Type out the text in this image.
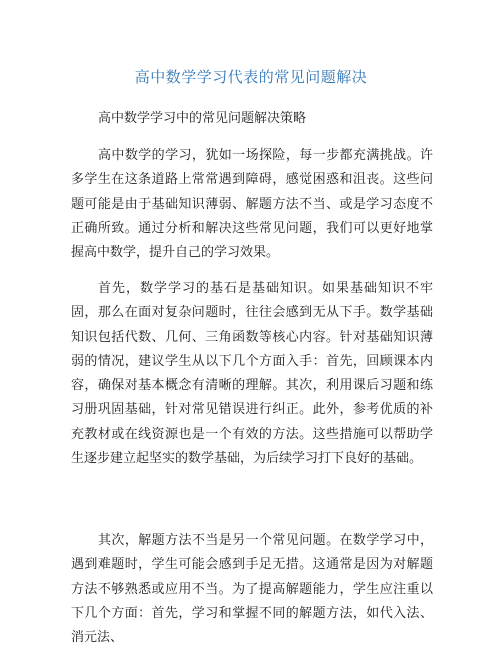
高中数学学习代表的常见问题解决
高中数学学习中的常见问题解决策略

高中数学的学习，犹如一场探险，每一步都充满挑战。许多学生在这条道路上常常遇到障碍，感觉困惑和沮丧。这些问题可能是由于基础知识薄弱、解题方法不当、或是学习态度不正确所致。通过分析和解决这些常见问题，我们可以更好地掌握高中数学，提升自己的学习效果。

首先，数学学习的基石是基础知识。如果基础知识不牢固，那么在面对复杂问题时，往往会感到无从下手。数学基础知识包括代数、几何、三角函数等核心内容。针对基础知识薄弱的情况，建议学生从以下几个方面入手：首先，回顾课本内容，确保对基本概念有清晰的理解。其次，利用课后习题和练习册巩固基础，针对常见错误进行纠正。此外，参考优质的补充教材或在线资源也是一个有效的方法。这些措施可以帮助学生逐步建立起坚实的数学基础，为后续学习打下良好的基础。

其次，解题方法不当是另一个常见问题。在数学学习中，遇到难题时，学生可能会感到手足无措。这通常是因为对解题方法不够熟悉或应用不当。为了提高解题能力，学生应注重以下几个方面：首先，学习和掌握不同的解题方法，如代入法、消元法、
